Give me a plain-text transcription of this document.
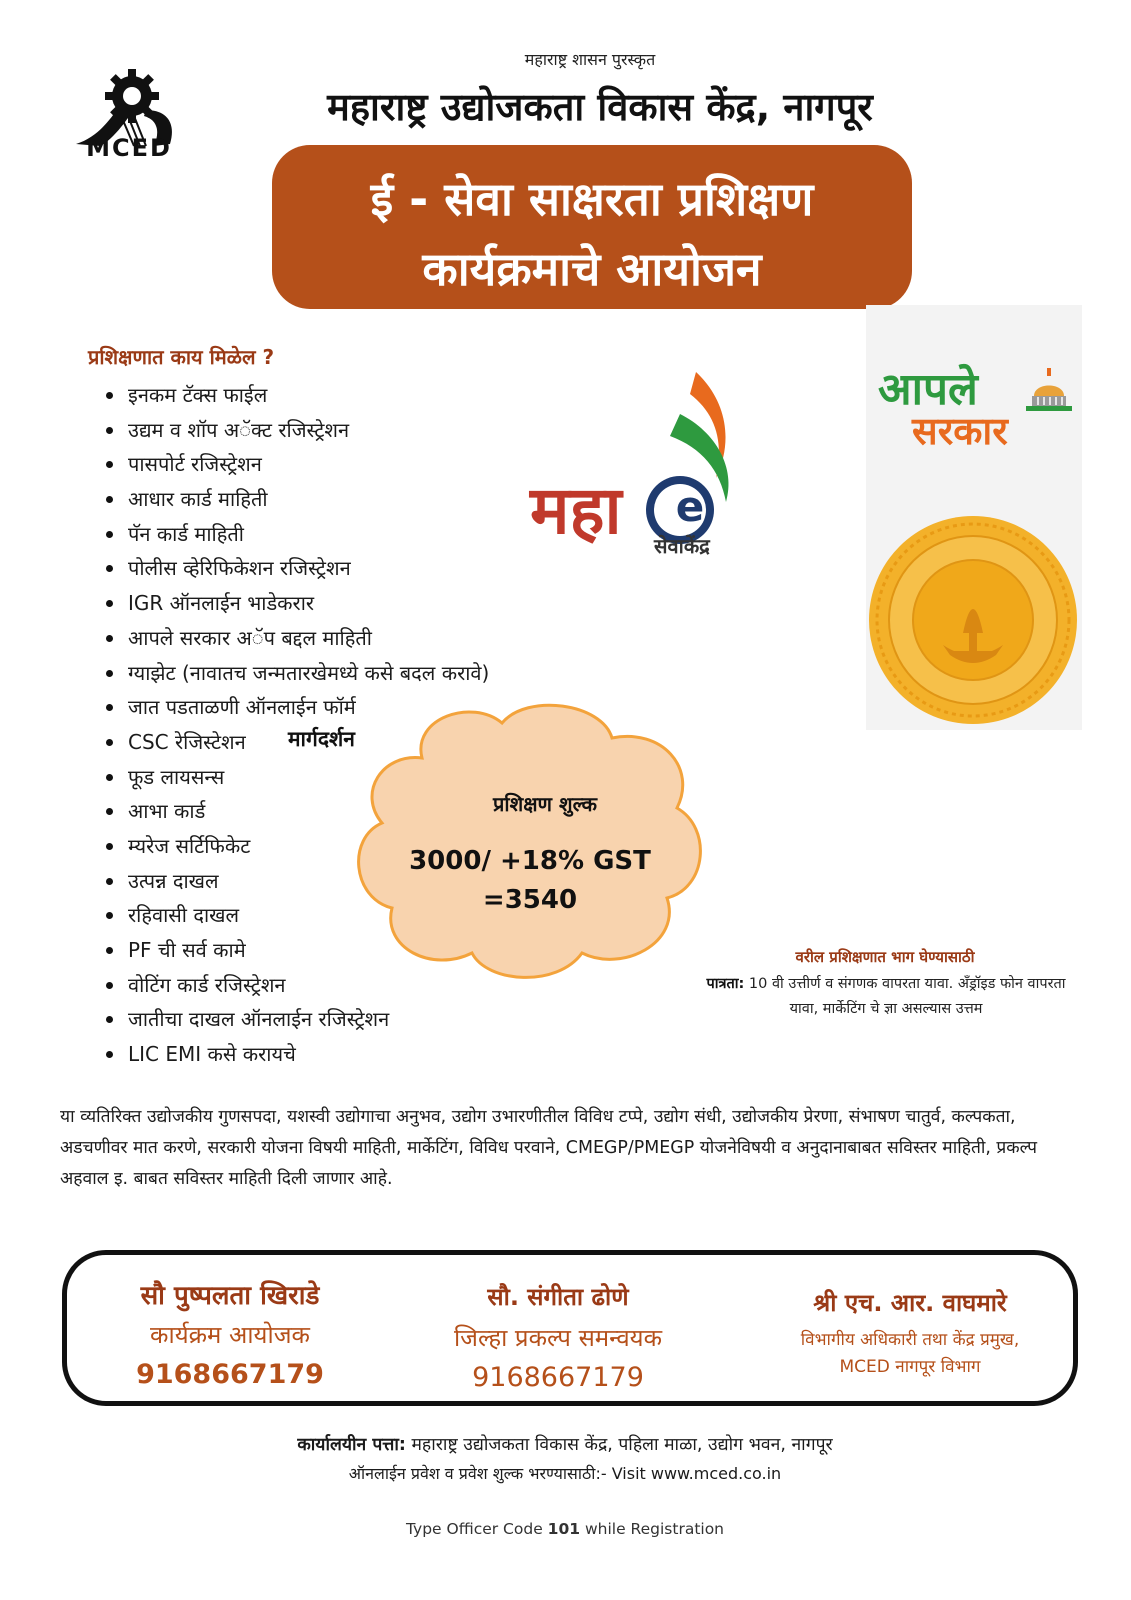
MCED
महाराष्ट्र शासन पुरस्कृत
महाराष्ट्र उद्योजकता विकास केंद्र, नागपूर
ई - सेवा साक्षरता प्रशिक्षण
कार्यक्रमाचे आयोजन
प्रशिक्षणात काय मिळेल ?
इनकम टॅक्स फाईल
उद्यम व शॉप अॅक्ट रजिस्ट्रेशन
पासपोर्ट रजिस्ट्रेशन
आधार कार्ड माहिती
पॅन कार्ड माहिती
पोलीस व्हेरिफिकेशन रजिस्ट्रेशन
IGR ऑनलाईन भाडेकरार
आपले सरकार अॅप बद्दल माहिती
ग्याझेट (नावातच जन्मतारखेमध्ये कसे बदल करावे)
जात पडताळणी ऑनलाईन फॉर्म
CSC रेजिस्टेशन
फूड लायसन्स
आभा कार्ड
म्यरेज सर्टिफिकेट
उत्पन्न दाखल
रहिवासी दाखल
PF ची सर्व कामे
वोटिंग कार्ड रजिस्ट्रेशन
जातीचा दाखल ऑनलाईन रजिस्ट्रेशन
LIC EMI कसे करायचे
e
महा सेवाकेंद्र
आपले
सरकार
प्रशिक्षण शुल्क
3000/ +18% GST
=3540
मार्गदर्शन
वरील प्रशिक्षणात भाग घेण्यासाठी
पात्रता: 10 वी उत्तीर्ण व संगणक वापरता यावा. अँड्रॉइड फोन वापरता यावा, मार्केटिंग चे ज्ञा असल्यास उत्तम
या व्यतिरिक्त उद्योजकीय गुणसपदा, यशस्वी उद्योगाचा अनुभव, उद्योग उभारणीतील विविध टप्पे, उद्योग संधी, उद्योजकीय प्रेरणा, संभाषण चातुर्व, कल्पकता, अडचणीवर मात करणे, सरकारी योजना विषयी माहिती, मार्केटिंग, विविध परवाने, CMEGP/PMEGP योजनेविषयी व अनुदानाबाबत सविस्तर माहिती, प्रकल्प अहवाल इ. बाबत सविस्तर माहिती दिली जाणार आहे.
सौ पुष्पलता खिराडे
कार्यक्रम आयोजक
9168667179
सौ. संगीता ढोणे
जिल्हा प्रकल्प समन्वयक
9168667179
श्री एच. आर. वाघमारे
विभागीय अधिकारी तथा केंद्र प्रमुख,
MCED नागपूर विभाग
कार्यालयीन पत्ता: महाराष्ट्र उद्योजकता विकास केंद्र, पहिला माळा, उद्योग भवन, नागपूर
ऑनलाईन प्रवेश व प्रवेश शुल्क भरण्यासाठी:- Visit www.mced.co.in
Type Officer Code 101 while Registration
